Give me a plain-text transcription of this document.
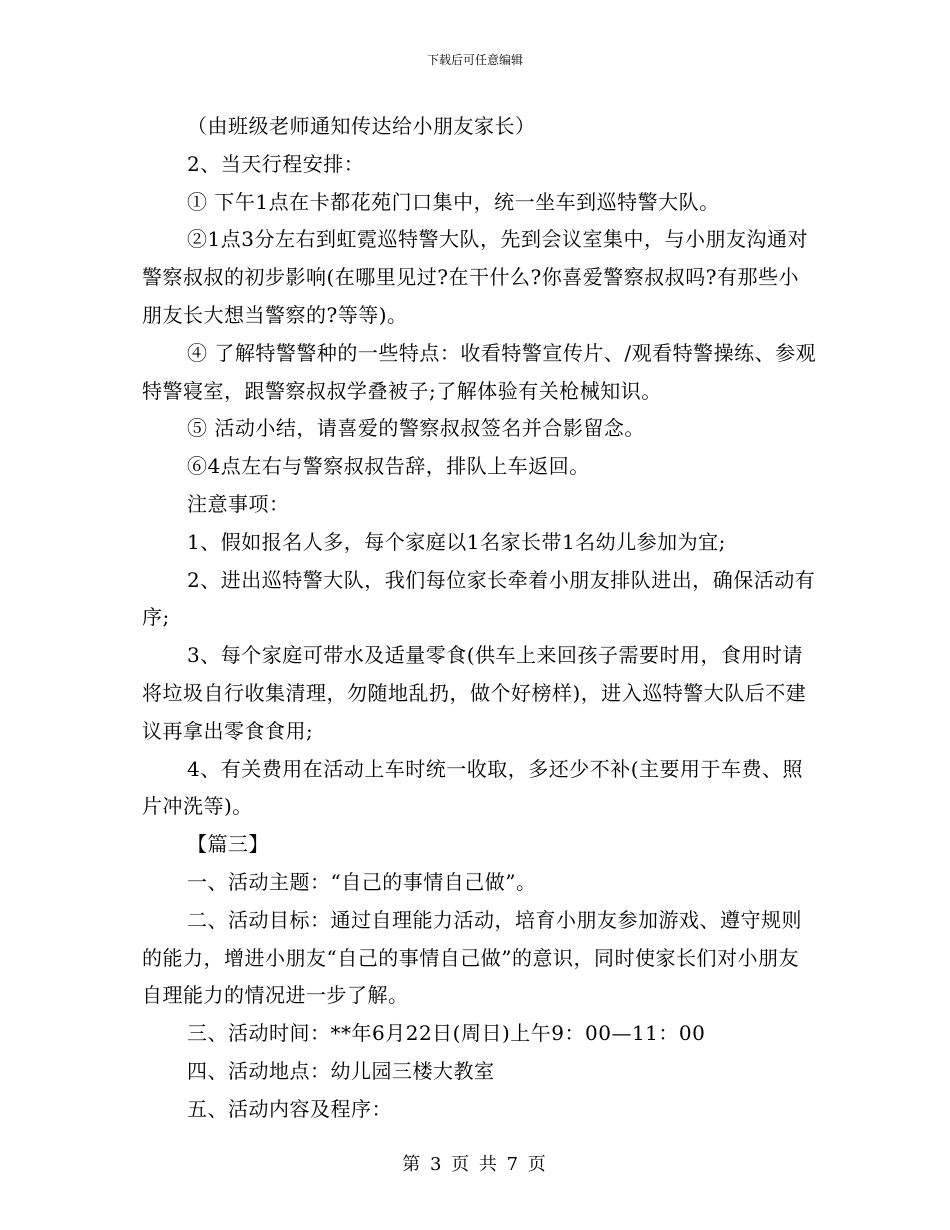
下载后可任意编辑

（由班级老师通知传达给小朋友家长）

2、当天行程安排：

① 下午1点在卡都花苑门口集中，统一坐车到巡特警大队。

②1点3分左右到虹霓巡特警大队，先到会议室集中，与小朋友沟通对警察叔叔的初步影响(在哪里见过?在干什么?你喜爱警察叔叔吗?有那些小朋友长大想当警察的?等等)。

④ 了解特警警种的一些特点：收看特警宣传片、/观看特警操练、参观特警寝室，跟警察叔叔学叠被子;了解体验有关枪械知识。

⑤ 活动小结，请喜爱的警察叔叔签名并合影留念。

⑥4点左右与警察叔叔告辞，排队上车返回。

注意事项：

1、假如报名人多，每个家庭以1名家长带1名幼儿参加为宜;

2、进出巡特警大队，我们每位家长牵着小朋友排队进出，确保活动有序;

3、每个家庭可带水及适量零食(供车上来回孩子需要时用，食用时请将垃圾自行收集清理，勿随地乱扔，做个好榜样)，进入巡特警大队后不建议再拿出零食食用;

4、有关费用在活动上车时统一收取，多还少不补(主要用于车费、照片冲洗等)。

【篇三】

一、活动主题：“自己的事情自己做”。

二、活动目标：通过自理能力活动，培育小朋友参加游戏、遵守规则的能力，增进小朋友“自己的事情自己做”的意识，同时使家长们对小朋友自理能力的情况进一步了解。

三、活动时间：**年6月22日(周日)上午9：00—11：00

四、活动地点：幼儿园三楼大教室

五、活动内容及程序：

第 3 页 共 7 页
